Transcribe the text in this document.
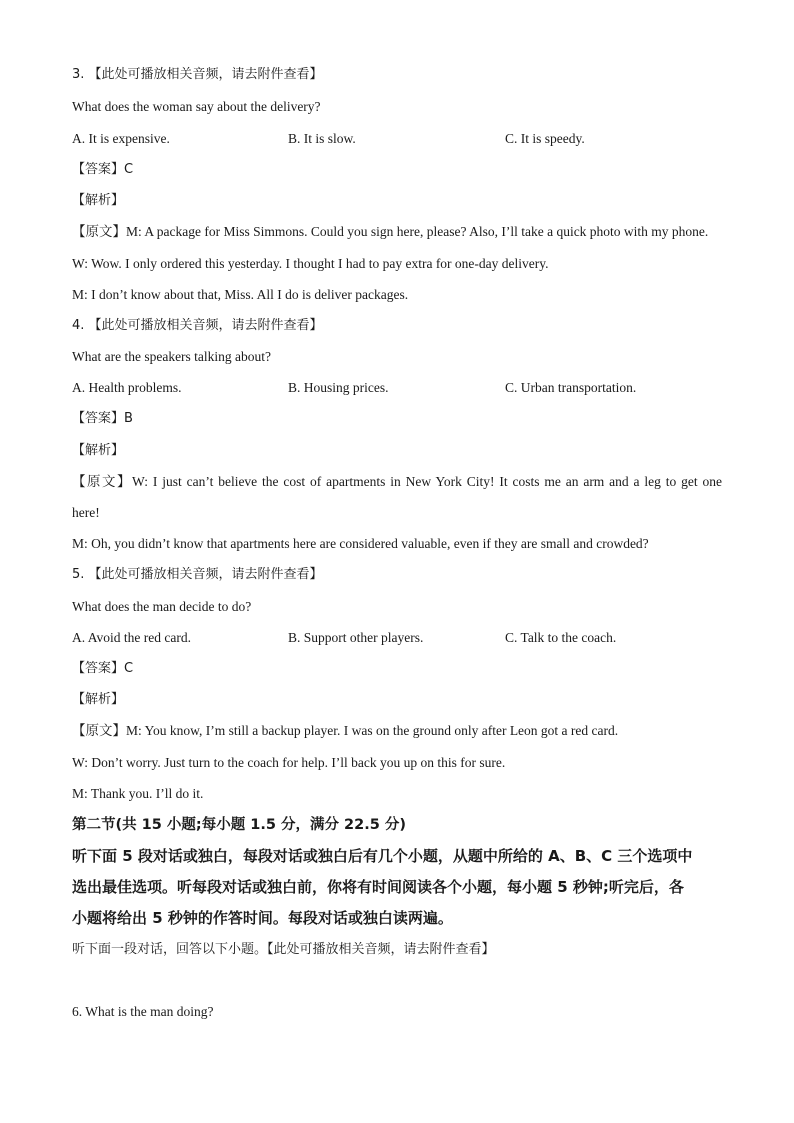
3. 【此处可播放相关音频，请去附件查看】
What does the woman say about the delivery?
A. It is expensive.	B. It is slow.	C. It is speedy.
【答案】C
【解析】
【原文】M: A package for Miss Simmons. Could you sign here, please? Also, I’ll take a quick photo with my phone.
W: Wow. I only ordered this yesterday. I thought I had to pay extra for one-day delivery.
M: I don’t know about that, Miss. All I do is deliver packages.
4. 【此处可播放相关音频，请去附件查看】
What are the speakers talking about?
A. Health problems.	B. Housing prices.	C. Urban transportation.
【答案】B
【解析】
【原文】W: I just can’t believe the cost of apartments in New York City! It costs me an arm and a leg to get one
here!
M: Oh, you didn’t know that apartments here are considered valuable, even if they are small and crowded?
5. 【此处可播放相关音频，请去附件查看】
What does the man decide to do?
A. Avoid the red card.	B. Support other players.	C. Talk to the coach.
【答案】C
【解析】
【原文】M: You know, I’m still a backup player. I was on the ground only after Leon got a red card.
W: Don’t worry. Just turn to the coach for help. I’ll back you up on this for sure.
M: Thank you. I’ll do it.
第二节(共 15 小题;每小题 1.5 分，满分 22.5 分)
听下面 5 段对话或独白，每段对话或独白后有几个小题，从题中所给的 A、B、C 三个选项中
选出最佳选项。听每段对话或独白前，你将有时间阅读各个小题，每小题 5 秒钟;听完后，各
小题将给出 5 秒钟的作答时间。每段对话或独白读两遍。
听下面一段对话，回答以下小题。【此处可播放相关音频，请去附件查看】
6. What is the man doing?
